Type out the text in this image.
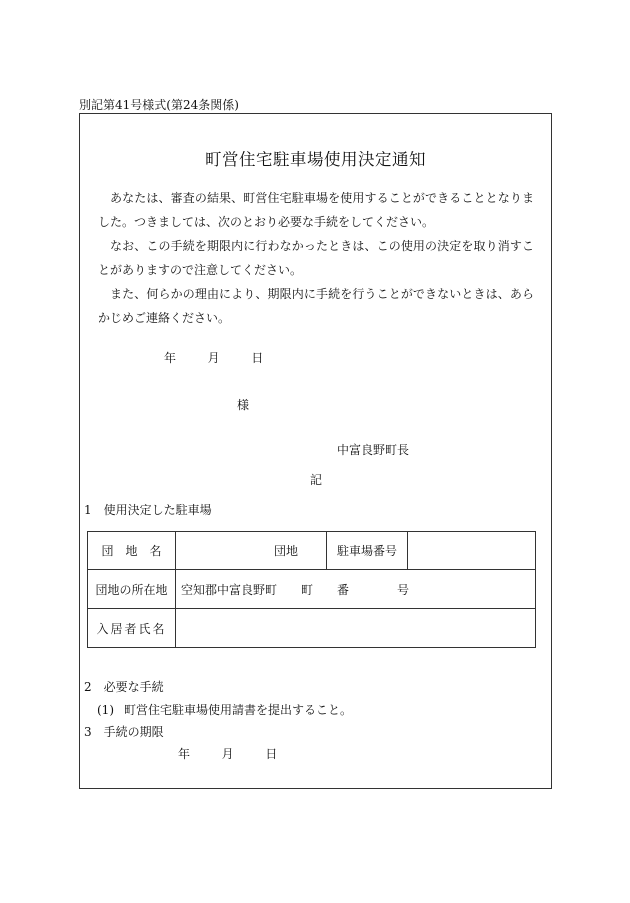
別記第41号様式(第24条関係)
町営住宅駐車場使用決定通知

あなたは、審査の結果、町営住宅駐車場を使用することができることとなりました。つきましては、次のとおり必要な手続をしてください。

なお、この手続を期限内に行わなかったときは、この使用の決定を取り消すことがありますので注意してください。

また、何らかの理由により、期限内に手続を行うことができないときは、あらかじめご連絡ください。

年	月	日
様
中富良野町長
記
1 使用決定した駐車場
団　地　名	団地	駐車場番号	
団地の所在地	空知郡中富良野町 町 番 号		

入居者氏名			
2 必要な手続
(1) 町営住宅駐車場使用請書を提出すること。
3 手続の期限
年	月	日
